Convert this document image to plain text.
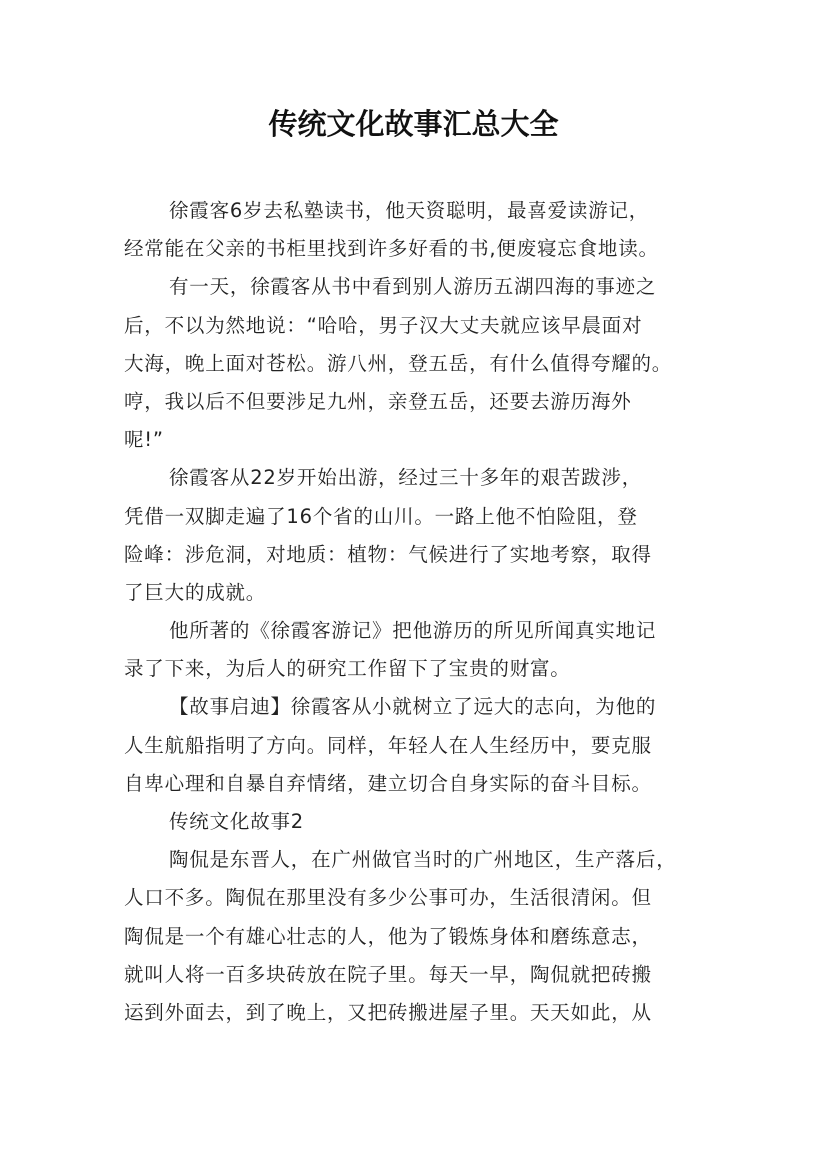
传统文化故事汇总大全
徐霞客6岁去私塾读书，他天资聪明，最喜爱读游记，
经常能在父亲的书柜里找到许多好看的书,便废寝忘食地读。
有一天，徐霞客从书中看到别人游历五湖四海的事迹之
后，不以为然地说：“哈哈，男子汉大丈夫就应该早晨面对
大海，晚上面对苍松。游八州，登五岳，有什么值得夸耀的。
哼，我以后不但要涉足九州，亲登五岳，还要去游历海外
呢!”
徐霞客从22岁开始出游，经过三十多年的艰苦跋涉，
凭借一双脚走遍了16个省的山川。一路上他不怕险阻，登
险峰：涉危洞，对地质：植物：气候进行了实地考察，取得
了巨大的成就。
他所著的《徐霞客游记》把他游历的所见所闻真实地记
录了下来，为后人的研究工作留下了宝贵的财富。
【故事启迪】徐霞客从小就树立了远大的志向，为他的
人生航船指明了方向。同样，年轻人在人生经历中，要克服
自卑心理和自暴自弃情绪，建立切合自身实际的奋斗目标。
传统文化故事2
陶侃是东晋人，在广州做官当时的广州地区，生产落后，
人口不多。陶侃在那里没有多少公事可办，生活很清闲。但
陶侃是一个有雄心壮志的人，他为了锻炼身体和磨练意志，
就叫人将一百多块砖放在院子里。每天一早，陶侃就把砖搬
运到外面去，到了晚上，又把砖搬进屋子里。天天如此，从
